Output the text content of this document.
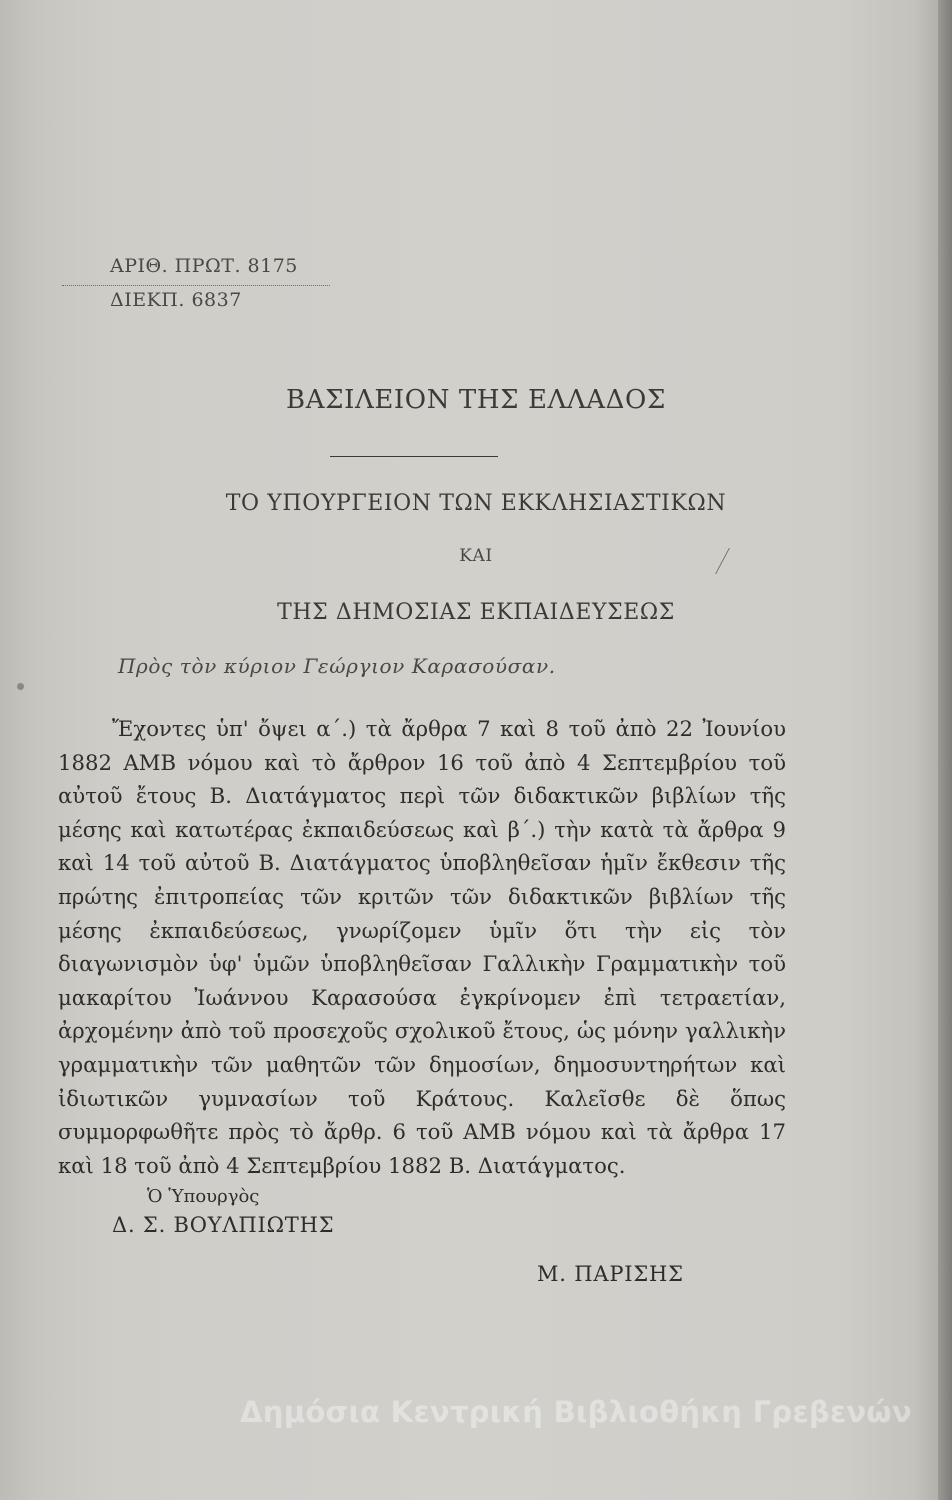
ΑΡΙΘ. ΠΡΩΤ. 8175
ΔΙΕΚΠ. 6837
ΒΑΣΙΛΕΙΟΝ ΤΗΣ ΕΛΛΑΔΟΣ
ΤΟ ΥΠΟΥΡΓΕΙΟΝ ΤΩΝ ΕΚΚΛΗΣΙΑΣΤΙΚΩΝ
ΚΑΙ
ΤΗΣ ΔΗΜΟΣΙΑΣ ΕΚΠΑΙΔΕΥΣΕΩΣ
Πρὸς τὸν κύριον Γεώργιον Καρασούσαν.

Ἔχοντες ὑπ' ὄψει α΄.) τὰ ἄρθρα 7 καὶ 8 τοῦ ἀπὸ 22 Ἰουνίου 1882 ΑΜΒ νόμου καὶ τὸ ἄρθρον 16 τοῦ ἀπὸ 4 Σεπτεμβρίου τοῦ αὐτοῦ ἔτους Β. Διατάγματος περὶ τῶν διδακτικῶν βιβλίων τῆς μέσης καὶ κατωτέρας ἐκπαιδεύσεως καὶ β΄.) τὴν κατὰ τὰ ἄρθρα 9 καὶ 14 τοῦ αὐτοῦ Β. Διατάγματος ὑποβληθεῖσαν ἡμῖν ἔκθεσιν τῆς πρώτης ἐπιτροπείας τῶν κριτῶν τῶν διδακτικῶν βιβλίων τῆς μέσης ἐκπαιδεύσεως, γνωρίζομεν ὑμῖν ὅτι τὴν εἰς τὸν διαγωνισμὸν ὑφ' ὑμῶν ὑποβληθεῖσαν Γαλλικὴν Γραμματικὴν τοῦ μακαρίτου Ἰωάννου Καρασούσα ἐγκρίνομεν ἐπὶ τετραετίαν, ἀρχομένην ἀπὸ τοῦ προσεχοῦς σχολικοῦ ἔτους, ὡς μόνην γαλλικὴν γραμματικὴν τῶν μαθητῶν τῶν δημοσίων, δημοσυντηρήτων καὶ ἰδιωτικῶν γυμνασίων τοῦ Κράτους. Καλεῖσθε δὲ ὅπως συμμορφωθῆτε πρὸς τὸ ἄρθρ. 6 τοῦ ΑΜΒ νόμου καὶ τὰ ἄρθρα 17 καὶ 18 τοῦ ἀπὸ 4 Σεπτεμβρίου 1882 Β. Διατάγματος.

Ὁ Ὑπουργὸς
Δ. Σ. ΒΟΥΛΠΙΩΤΗΣ
Μ. ΠΑΡΙΣΗΣ
Δημόσια Κεντρική Βιβλιοθήκη Γρεβενών
